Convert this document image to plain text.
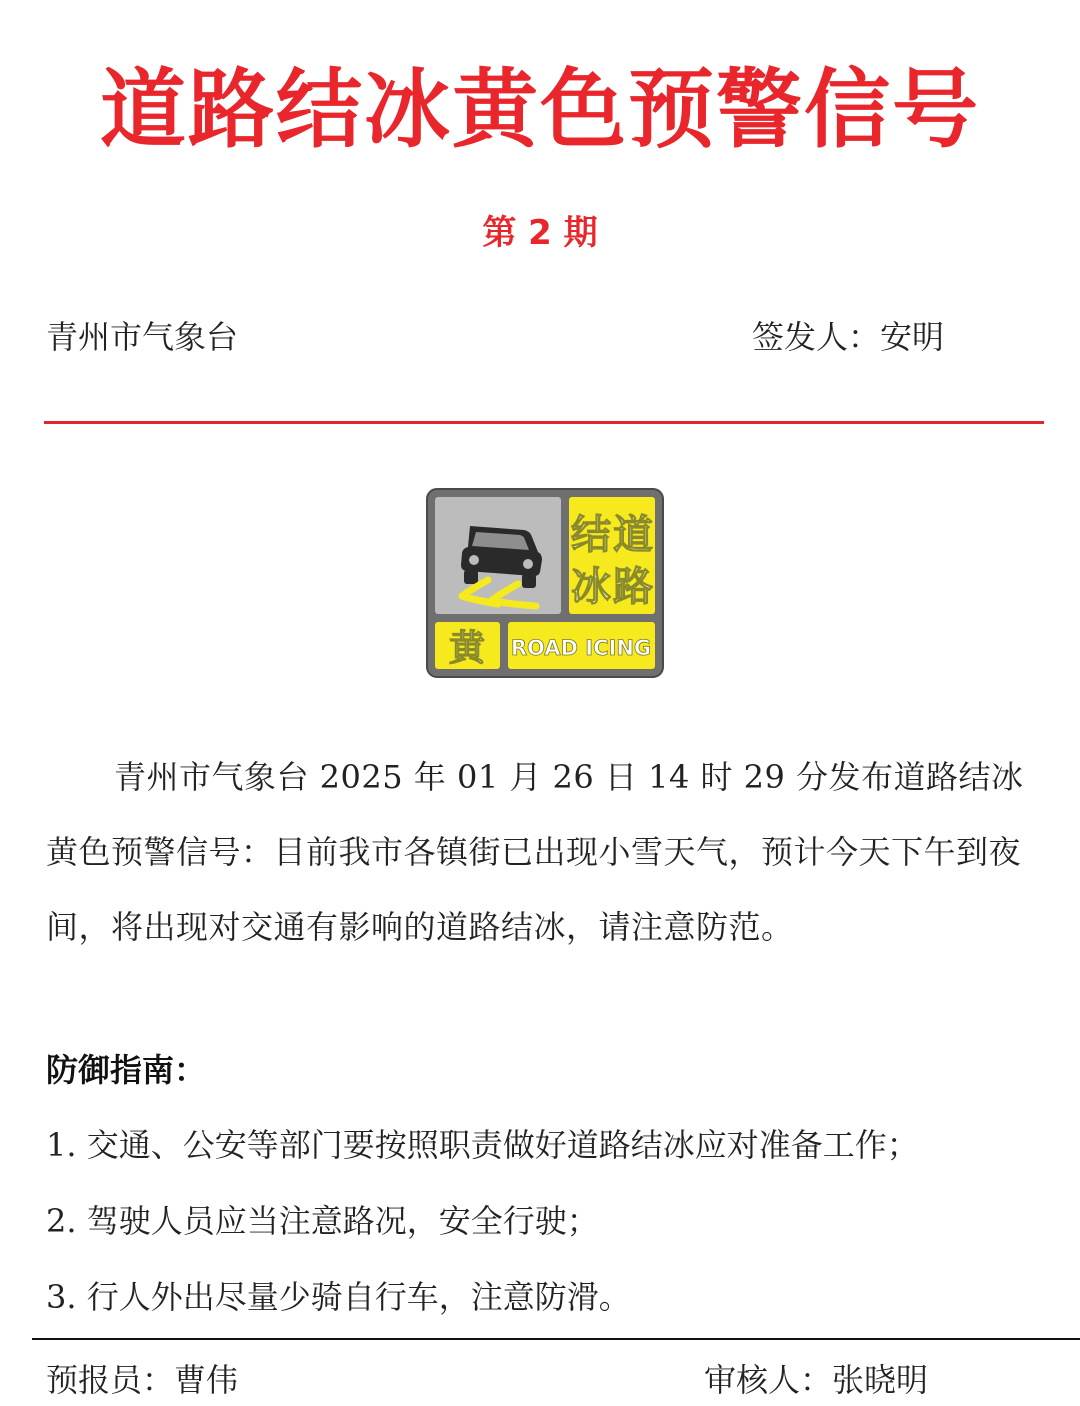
道路结冰黄色预警信号
第 2 期
青州市气象台	签发人：安明
结 道
冰 路
黄 ROAD ICING
青州市气象台 2025 年 01 月 26 日 14 时 29 分发布道路结冰黄色预警信号：目前我市各镇街已出现小雪天气，预计今天下午到夜间，将出现对交通有影响的道路结冰，请注意防范。
防御指南：
1. 交通、公安等部门要按照职责做好道路结冰应对准备工作；
2. 驾驶人员应当注意路况，安全行驶；
3. 行人外出尽量少骑自行车，注意防滑。
预报员：曹伟	审核人：张晓明
